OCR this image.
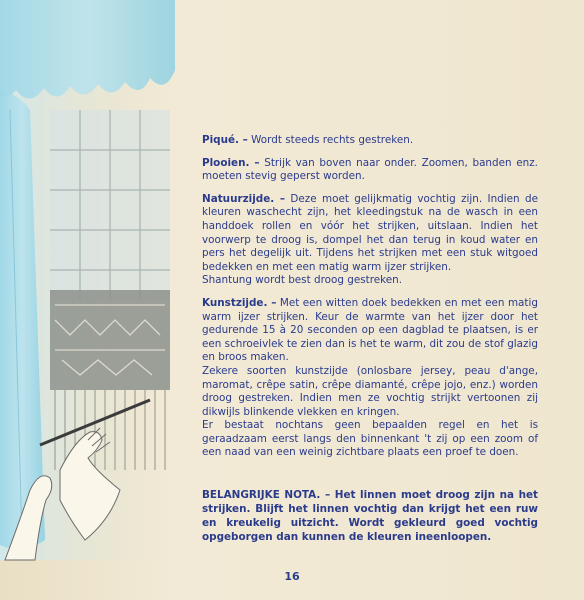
Piqué. – Wordt steeds rechts gestreken.

Plooien. – Strijk van boven naar onder. Zoomen, banden enz. moeten stevig geperst worden.

Natuurzijde. – Deze moet gelijkmatig vochtig zijn. Indien de kleuren waschecht zijn, het kleedingstuk na de wasch in een handdoek rollen en vóór het strijken, uitslaan. Indien het voorwerp te droog is, dompel het dan terug in koud water en pers het degelijk uit. Tijdens het strijken met een stuk witgoed bedekken en met een matig warm ijzer strijken.

Shantung wordt best droog gestreken.

Kunstzijde. – Met een witten doek bedekken en met een matig warm ijzer strijken. Keur de warmte van het ijzer door het gedurende 15 à 20 seconden op een dagblad te plaatsen, is er een schroeivlek te zien dan is het te warm, dit zou de stof glazig en broos maken.

Zekere soorten kunstzijde (onlosbare jersey, peau d'ange, maromat, crêpe satin, crêpe diamanté, crêpe jojo, enz.) worden droog gestreken. Indien men ze vochtig strijkt vertoonen zij dikwijls blinkende vlekken en kringen.

Er bestaat nochtans geen bepaalden regel en het is geraadzaam eerst langs den binnenkant 't zij op een zoom of een naad van een weinig zichtbare plaats een proef te doen.

BELANGRIJKE NOTA. – Het linnen moet droog zijn na het strijken. Blijft het linnen vochtig dan krijgt het een ruw en kreukelig uitzicht. Wordt gekleurd goed vochtig opgeborgen dan kunnen de kleuren ineenloopen.

16
